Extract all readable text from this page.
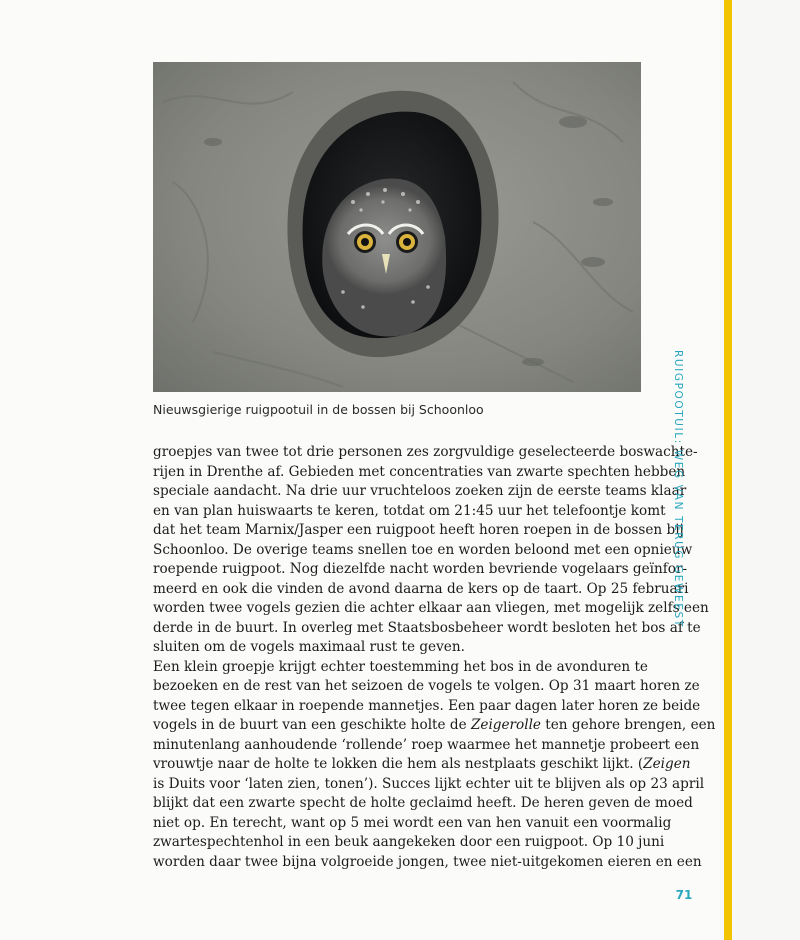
Nieuwsgierige ruigpootuil in de bossen bij Schoonloo
groepjes van twee tot drie personen zes zorgvuldige geselecteerde boswachte-
rijen in Drenthe af. Gebieden met concentraties van zwarte spechten hebben
speciale aandacht. Na drie uur vruchteloos zoeken zijn de eerste teams klaar
en van plan huiswaarts te keren, totdat om 21:45 uur het telefoontje komt
dat het team Marnix/Jasper een ruigpoot heeft horen roepen in de bossen bij
Schoonloo. De overige teams snellen toe en worden beloond met een opnieuw
roepende ruigpoot. Nog diezelfde nacht worden bevriende vogelaars geïnfor-
meerd en ook die vinden de avond daarna de kers op de taart. Op 25 februari
worden twee vogels gezien die achter elkaar aan vliegen, met mogelijk zelfs een
derde in de buurt. In overleg met Staatsbosbeheer wordt besloten het bos af te
sluiten om de vogels maximaal rust te geven.
Een klein groepje krijgt echter toestemming het bos in de avonduren te
bezoeken en de rest van het seizoen de vogels te volgen. Op 31 maart horen ze
twee tegen elkaar in roepende mannetjes. Een paar dagen later horen ze beide
vogels in de buurt van een geschikte holte de Zeigerolle ten gehore brengen, een
minutenlang aanhoudende ‘rollende’ roep waarmee het mannetje probeert een
vrouwtje naar de holte te lokken die hem als nestplaats geschikt lijkt. (Zeigen
is Duits voor ‘laten zien, tonen’). Succes lijkt echter uit te blijven als op 23 april
blijkt dat een zwarte specht de holte geclaimd heeft. De heren geven de moed
niet op. En terecht, want op 5 mei wordt een van hen vanuit een voormalig
zwartespechtenhol in een beuk aangekeken door een ruigpoot. Op 10 juni
worden daar twee bijna volgroeide jongen, twee niet-uitgekomen eieren en een
RUIGPOOTUIL: WEG VAN TERUG GEWEEST
71
